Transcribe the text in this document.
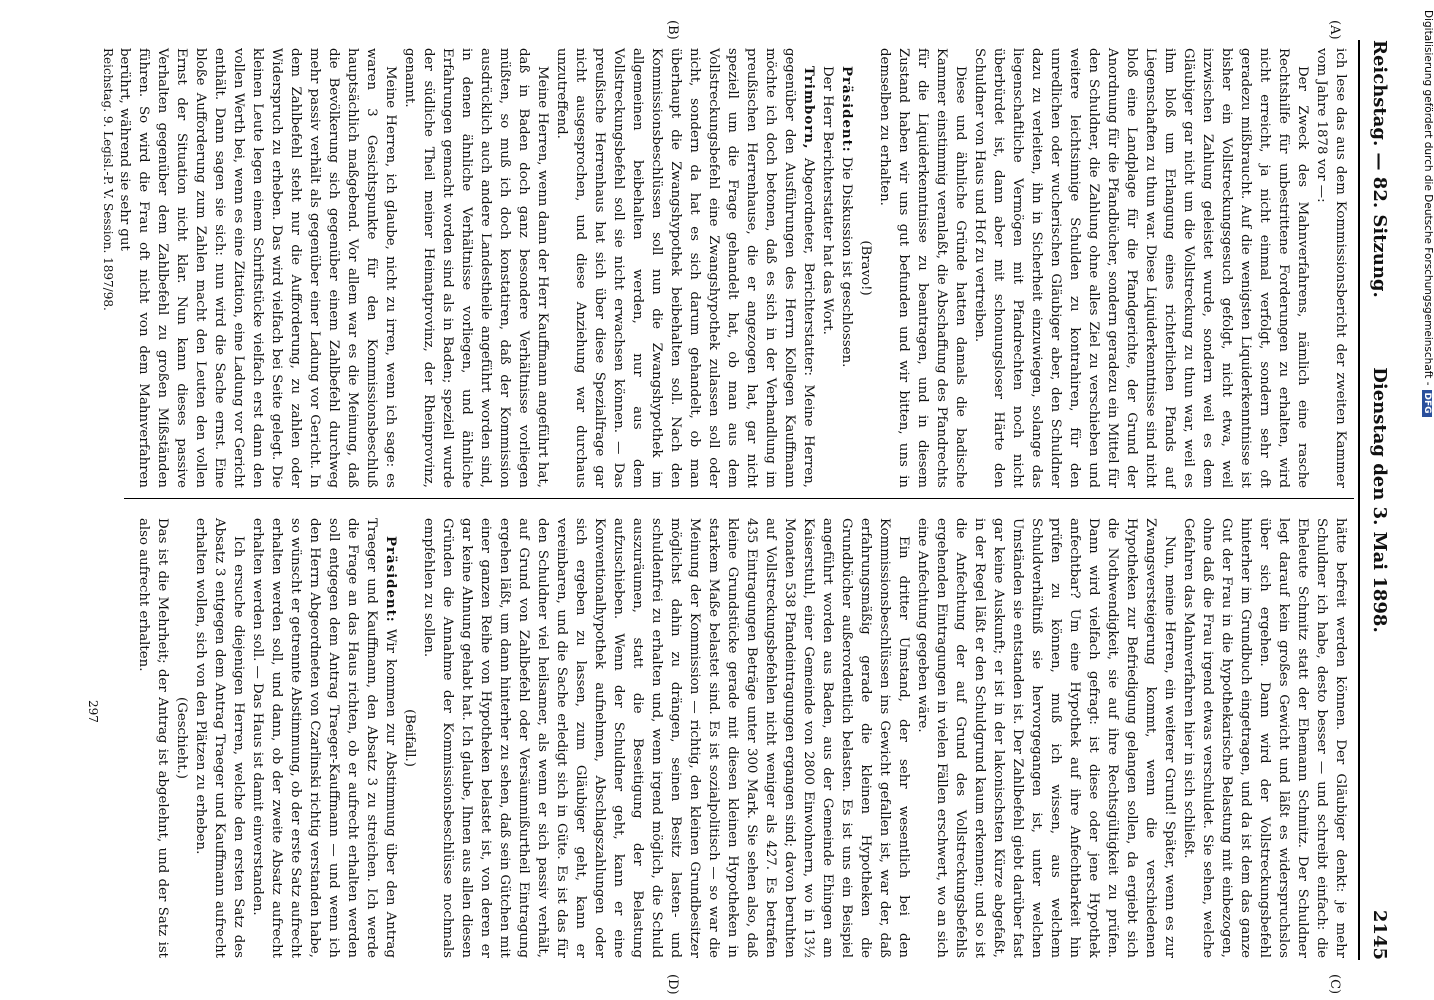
Reichstag. — 82. Sitzung.
Dienstag den 3. Mai 1898.
2145
(A)
(B)
(C)
(D)

ich lese das aus dem Kommissionsbericht der zweiten Kammer vom Jahre 1878 vor —:

Der Zweck des Mahnverfahrens, nämlich eine rasche Rechtshilfe für unbestrittene Forderungen zu erhalten, wird nicht erreicht, ja nicht einmal verfolgt, sondern sehr oft geradezu mißbraucht. Auf die wenigsten Liquiderkenntnisse ist bisher ein Vollstreckungsgesuch gefolgt, nicht etwa, weil inzwischen Zahlung geleistet wurde, sondern weil es dem Gläubiger gar nicht um die Vollstreckung zu thun war, weil es ihm bloß um Erlangung eines richterlichen Pfands auf Liegenschaften zu thun war. Diese Liquiderkenntnisse sind nicht bloß eine Landplage für die Pfandgerichte, der Grund der Anordnung für die Pfandbücher, sondern geradezu ein Mittel für den Schuldner, die Zahlung ohne alles Ziel zu verschieben und weitere leichtsinnige Schulden zu kontrahiren, für den unredlichen oder wucherischen Gläubiger aber, den Schuldner dazu zu verleiten, ihn in Sicherheit einzuwiegen, solange das liegenschaftliche Vermögen mit Pfandrechten noch nicht überbürdet ist, dann aber mit schonungsloser Härte den Schuldner von Haus und Hof zu vertreiben.

Diese und ähnliche Gründe hatten damals die badische Kammer einstimmig veranlaßt, die Abschaffung des Pfandrechts für die Liquiderkenntnisse zu beantragen, und in diesem Zustand haben wir uns gut befunden und wir bitten, uns in demselben zu erhalten.

(Bravo!)

Präsident: Die Diskussion ist geschlossen.

Der Herr Berichterstatter hat das Wort.

Trimborn, Abgeordneter, Berichterstatter: Meine Herren, gegenüber den Ausführungen des Herrn Kollegen Kauffmann möchte ich doch betonen, daß es sich in der Verhandlung im preußischen Herrenhause, die er angezogen hat, gar nicht speziell um die Frage gehandelt hat, ob man aus dem Vollstreckungsbefehl eine Zwangshypothek zulassen soll oder nicht, sondern da hat es sich darum gehandelt, ob man überhaupt die Zwangshypothek beibehalten soll. Nach den Kommissionsbeschlüssen soll nun die Zwangshypothek im allgemeinen beibehalten werden, nur aus dem Vollstreckungsbefehl soll sie nicht erwachsen können. — Das preußische Herrenhaus hat sich über diese Spezialfrage gar nicht ausgesprochen, und diese Anziehung war durchaus unzutreffend.

Meine Herren, wenn dann der Herr Kauffmann angeführt hat, daß in Baden doch ganz besondere Verhältnisse vorliegen müßten, so muß ich doch konstatiren, daß der Kommission ausdrücklich auch andere Landestheile angeführt worden sind, in denen ähnliche Verhältnisse vorliegen, und ähnliche Erfahrungen gemacht worden sind als in Baden; speziell wurde der südliche Theil meiner Heimatprovinz, der Rheinprovinz, genannt.

Meine Herren, ich glaube, nicht zu irren, wenn ich sage: es waren 3 Gesichtspunkte für den Kommissionsbeschluß hauptsächlich maßgebend. Vor allem war es die Meinung, daß die Bevölkerung sich gegenüber einem Zahlbefehl durchweg mehr passiv verhält als gegenüber einer Ladung vor Gericht. In dem Zahlbefehl steht nur die Aufforderung, zu zahlen oder Widerspruch zu erheben. Das wird vielfach bei Seite gelegt. Die kleinen Leute legen einem Schriftstücke vielfach erst dann den vollen Werth bei, wenn es eine Zitation, eine Ladung vor Gericht enthält. Dann sagen sie sich: nun wird die Sache ernst. Eine bloße Aufforderung zum Zahlen macht den Leuten den vollen Ernst der Situation nicht klar. Nun kann dieses passive Verhalten gegenüber dem Zahlbefehl zu großen Mißständen führen. So wird die Frau oft nicht von dem Mahnverfahren berührt, während sie sehr gut

hätte befreit werden können. Der Gläubiger denkt: je mehr Schuldner ich habe, desto besser — und schreibt einfach: die Eheleute Schmitz statt der Ehemann Schmitz. Der Schuldner legt darauf kein großes Gewicht und läßt es widerspruchslos über sich ergehen. Dann wird der Vollstreckungsbefehl hinterher im Grundbuch eingetragen, und da ist dem das ganze Gut der Frau in die hypothekarische Belastung mit einbezogen, ohne daß die Frau irgend etwas verschuldet. Sie sehen, welche Gefahren das Mahnverfahren hier in sich schließt.

Nun, meine Herren, ein weiterer Grund! Später, wenn es zur Zwangsversteigerung kommt, wenn die verschiedenen Hypotheken zur Befriedigung gelangen sollen, da ergiebt sich die Nothwendigkeit, sie auf ihre Rechtsgültigkeit zu prüfen. Dann wird vielfach gefragt: ist diese oder jene Hypothek anfechtbar? Um eine Hypothek auf ihre Anfechtbarkeit hin prüfen zu können, muß ich wissen, aus welchem Schuldverhältniß sie hervorgegangen ist, unter welchen Umständen sie entstanden ist. Der Zahlbefehl giebt darüber fast gar keine Auskunft; er ist in der lakonischsten Kürze abgefaßt, in der Regel läßt er den Schuldgrund kaum erkennen; und so ist die Anfechtung der auf Grund des Vollstreckungsbefehls ergehenden Eintragungen in vielen Fällen erschwert, wo an sich eine Anfechtung gegeben wäre.

Ein dritter Umstand, der sehr wesentlich bei den Kommissionsbeschlüssen ins Gewicht gefallen ist, war der, daß erfahrungsmäßig gerade die kleinen Hypotheken die Grundbücher außerordentlich belasten. Es ist uns ein Beispiel angeführt worden aus Baden, aus der Gemeinde Ehingen am Kaiserstuhl, einer Gemeinde von 2800 Einwohnern, wo in 13½ Monaten 538 Pfandeintragungen ergangen sind; davon beruhten auf Vollstreckungsbefehlen nicht weniger als 427. Es betrafen 435 Eintragungen Beträge unter 300 Mark. Sie sehen also, daß kleine Grundstücke gerade mit diesen kleinen Hypotheken in starkem Maße belastet sind. Es ist sozialpolitisch — so war die Meinung der Kommission — richtig, den kleinen Grundbesitzer möglichst dahin zu drängen, seinen Besitz lasten- und schuldenfrei zu erhalten und, wenn irgend möglich, die Schuld auszuräumen, statt die Beseitigung der Belastung aufzuschieben. Wenn der Schuldner geht, kann er eine Konventionalhypothek aufnehmen, Abschlagszahlungen oder sich ergeben zu lassen, zum Gläubiger geht, kann er vereinbaren, und die Sache erledigt sich in Güte. Es ist das für den Schuldner viel heilsamer, als wenn er sich passiv verhält, auf Grund von Zahlbefehl oder Versäumnißurtheil Eintragung ergehen läßt, um dann hinterher zu sehen, daß sein Gütchen mit einer ganzen Reihe von Hypotheken belastet ist, von deren er gar keine Ahnung gehabt hat. Ich glaube, Ihnen aus allen diesen Gründen die Annahme der Kommissionsbeschlüsse nochmals empfehlen zu sollen.

(Beifall.)

Präsident: Wir kommen zur Abstimmung über den Antrag Traeger und Kauffmann, den Absatz 3 zu streichen. Ich werde die Frage an das Haus richten, ob er aufrecht erhalten werden soll entgegen dem Antrag Traeger-Kauffmann — und wenn ich den Herrn Abgeordneten von Czarlinski richtig verstanden habe, so wünscht er getrennte Abstimmung, ob der erste Satz aufrecht erhalten werden soll, und dann, ob der zweite Absatz aufrecht erhalten werden soll. — Das Haus ist damit einverstanden.

Ich ersuche diejenigen Herren, welche den ersten Satz des Absatz 3 entgegen dem Antrag Traeger und Kauffmann aufrecht erhalten wollen, sich von den Plätzen zu erheben.

(Geschieht.)

Das ist die Mehrheit; der Antrag ist abgelehnt, und der Satz ist also aufrecht erhalten.

Reichstag. 9. Legisl.-P. V. Session. 1897/98.
297
Digitalisierung gefördert durch die Deutsche Forschungsgemeinschaft -DFG
